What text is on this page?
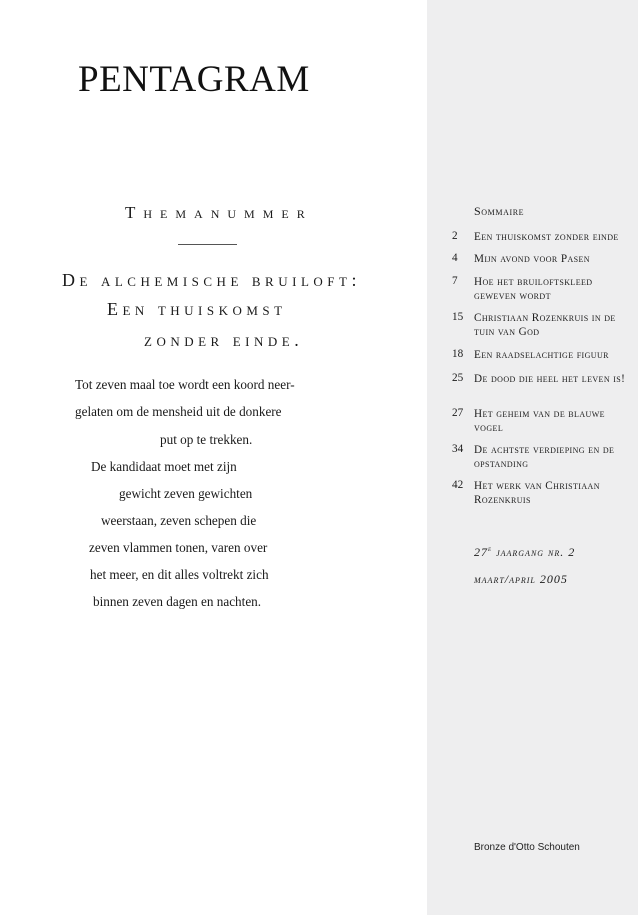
PENTAGRAM
Themanummer
De alchemische bruiloft:
Een thuiskomst
zonder einde.
Tot zeven maal toe wordt een koord neer-
gelaten om de mensheid uit de donkere
put op te trekken.
De kandidaat moet met zijn
gewicht zeven gewichten
weerstaan, zeven schepen die
zeven vlammen tonen, varen over
het meer, en dit alles voltrekt zich
binnen zeven dagen en nachten.
Sommaire
2	Een thuiskomst zonder einde
4	Mijn avond voor Pasen
7	Hoe het bruiloftskleed geweven wordt
15 Christiaan Rozenkruis in de tuin van God
18 Een raadselachtige figuur
25 De dood die heel het leven is!
27 Het geheim van de blauwe vogel
34 De achtste verdieping en de opstanding
42 Het werk van Christiaan Rozenkruis
27e jaargang nr. 2
maart/april 2005
Bronze d'Otto Schouten
